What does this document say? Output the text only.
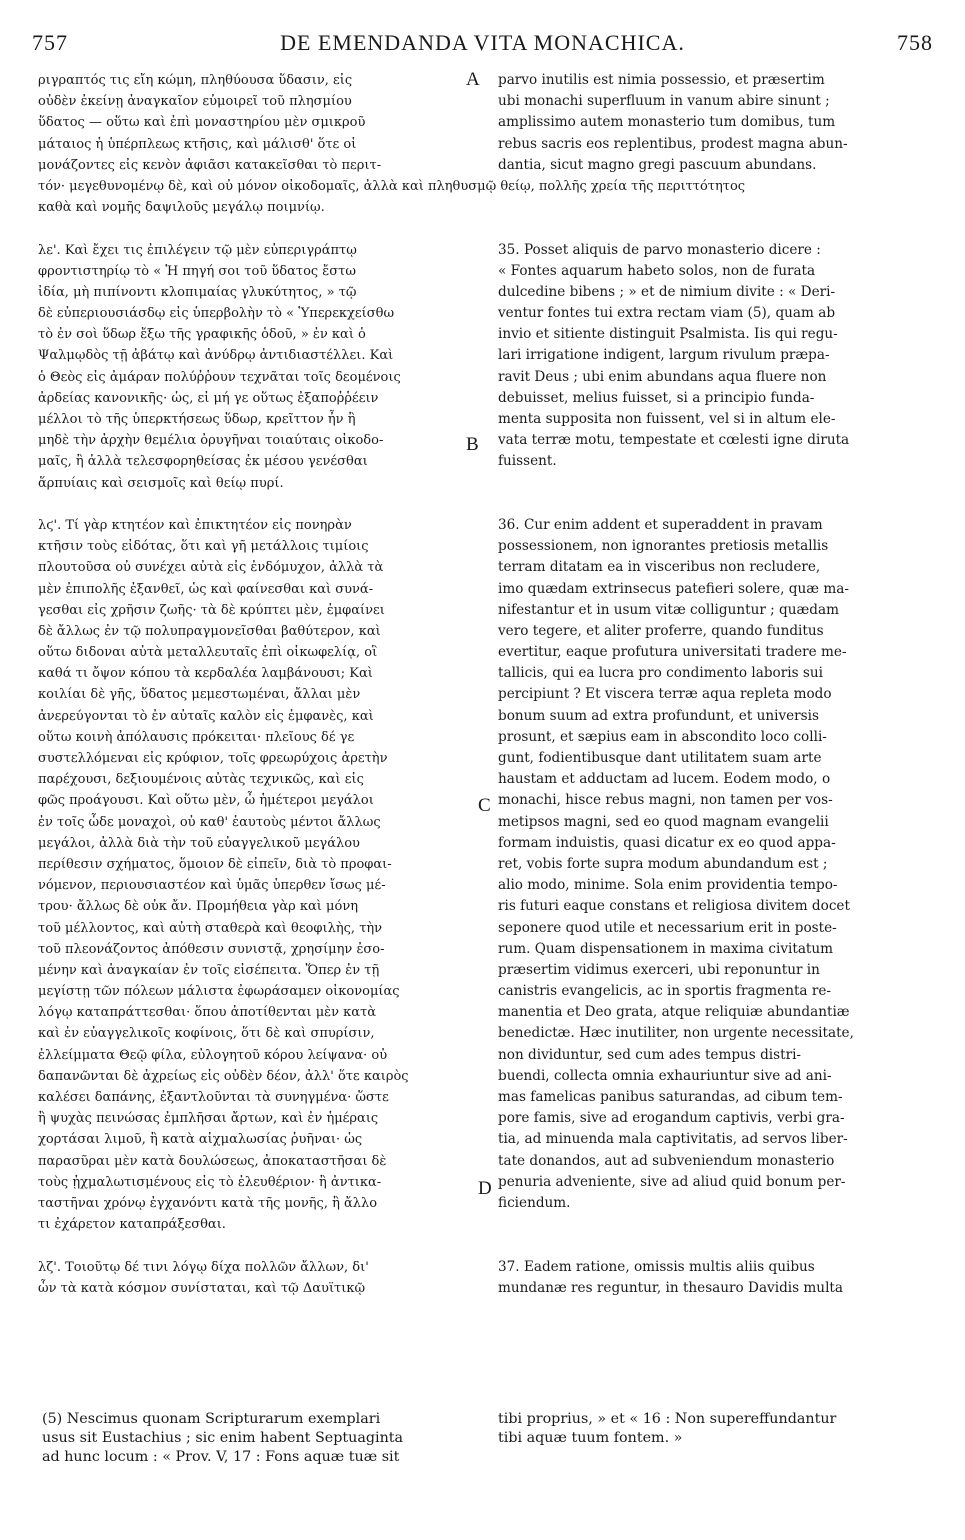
757	DE EMENDANDA VITA MONACHICA.	758
ριγραπτός τις εἴη κώμη, πληθύουσα ὕδασιν, εἰς
οὐδὲν ἐκείνῃ ἀναγκαῖον εὐμοιρεῖ τοῦ πλησμίου
ὕδατος — οὕτω καὶ ἐπὶ μοναστηρίου μὲν σμικροῦ
μάταιος ἡ ὑπέρπλεως κτῆσις, καὶ μάλισθ' ὅτε οἱ
μονάζοντες εἰς κενὸν ἀφιᾶσι κατακεῖσθαι τὸ περιτ-
τόν· μεγεθυνομένῳ δὲ, καὶ οὐ μόνον οἰκοδομαῖς, ἀλλὰ καὶ πληθυσμῷ θείῳ, πολλῆς χρεία τῆς περιττότητος
καθὰ καὶ νομῆς δαψιλοῦς μεγάλῳ ποιμνίῳ.
λε'. Καὶ ἔχει τις ἐπιλέγειν τῷ μὲν εὐπεριγράπτῳ
φροντιστηρίῳ τὸ « Ἡ πηγή σοι τοῦ ὕδατος ἔστω
ἰδία, μὴ πιπίνοντι κλοπιμαίας γλυκύτητος, » τῷ
δὲ εὐπεριουσιάσδῳ εἰς ὑπερβολὴν τὸ « Ὑπερεκχείσθω
τὸ ἐν σοὶ ὕδωρ ἔξω τῆς γραφικῆς ὁδοῦ, » ἐν καὶ ὁ
Ψαλμῳδὸς τῇ ἀβάτῳ καὶ ἀνύδρῳ ἀντιδιαστέλλει. Καὶ
ὁ Θεὸς εἰς ἀμάραν πολύῤῥουν τεχνᾶται τοῖς δεομένοις
ἀρδείας κανονικῆς· ὡς, εἰ μή γε οὕτως ἐξαποῤῥέειν
μέλλοι τὸ τῆς ὑπερκτήσεως ὕδωρ, κρεῖττον ἦν ἢ
μηδὲ τὴν ἀρχὴν θεμέλια ὀρυγῆναι τοιαύταις οἰκοδο-
μαῖς, ἢ ἀλλὰ τελεσφορηθείσας ἐκ μέσου γενέσθαι
ἅρπυίαις καὶ σεισμοῖς καὶ θείῳ πυρί.
λϛ'. Τί γὰρ κτητέον καὶ ἐπικτητέον εἰς πονηρὰν
κτῆσιν τοὺς εἰδότας, ὅτι καὶ γῆ μετάλλοις τιμίοις
πλουτοῦσα οὐ συνέχει αὐτὰ εἰς ἐνδόμυχον, ἀλλὰ τὰ
μὲν ἐπιπολῆς ἐξανθεῖ, ὡς καὶ φαίνεσθαι καὶ συνά-
γεσθαι εἰς χρῆσιν ζωῆς· τὰ δὲ κρύπτει μὲν, ἐμφαίνει
δὲ ἄλλως ἐν τῷ πολυπραγμονεῖσθαι βαθύτερον, καὶ
οὕτω διδοναι αὐτὰ μεταλλευταῖς ἐπὶ οἰκωφελίᾳ, οἳ
καθά τι ὄψον κόπου τὰ κερδαλέα λαμβάνουσι; Καὶ
κοιλίαι δὲ γῆς, ὕδατος μεμεστωμέναι, ἄλλαι μὲν
ἀνερεύγονται τὸ ἐν αὐταῖς καλὸν εἰς ἐμφανὲς, καὶ
οὕτω κοινὴ ἀπόλαυσις πρόκειται· πλεῖους δέ γε
συστελλόμεναι εἰς κρύφιον, τοῖς φρεωρύχοις ἀρετὴν
παρέχουσι, δεξιουμένοις αὐτὰς τεχνικῶς, καὶ εἰς
φῶς προάγουσι. Καὶ οὕτω μὲν, ὦ ἡμέτεροι μεγάλοι
ἐν τοῖς ὧδε μοναχοὶ, οὐ καθ' ἑαυτοὺς μέντοι ἄλλως
μεγάλοι, ἀλλὰ διὰ τὴν τοῦ εὐαγγελικοῦ μεγάλου
περίθεσιν σχήματος, ὅμοιον δὲ εἰπεῖν, διὰ τὸ προφαι-
νόμενον, περιουσιαστέον καὶ ὑμᾶς ὑπερθεν ἴσως μέ-
τρου· ἄλλως δὲ οὐκ ἄν. Προμήθεια γὰρ καὶ μόνη
τοῦ μέλλοντος, καὶ αὐτὴ σταθερὰ καὶ θεοφιλὴς, τὴν
τοῦ πλεονάζοντος ἀπόθεσιν συνιστᾷ, χρησίμην ἐσο-
μένην καὶ ἀναγκαίαν ἐν τοῖς εἰσέπειτα. Ὅπερ ἐν τῇ
μεγίστῃ τῶν πόλεων μάλιστα ἐφωράσαμεν οἰκονομίας
λόγῳ καταπράττεσθαι· ὅπου ἀποτίθενται μὲν κατὰ
καὶ ἐν εὐαγγελικοῖς κοφίνοις, ὅτι δὲ καὶ σπυρίσιν,
ἐλλείμματα Θεῷ φίλα, εὐλογητοῦ κόρου λείψανα· οὐ
δαπανῶνται δὲ ἀχρείως εἰς οὐδὲν δέον, ἀλλ' ὅτε καιρὸς
καλέσει δαπάνης, ἐξαντλοῦνται τὰ συνηγμένα· ὥστε
ἢ ψυχὰς πεινώσας ἐμπλῆσαι ἄρτων, καὶ ἐν ἡμέραις
χορτάσαι λιμοῦ, ἢ κατὰ αἰχμαλωσίας ῥυῆναι· ὡς
παρασῦραι μὲν κατὰ δουλώσεως, ἀποκαταστῆσαι δὲ
τοὺς ᾐχμαλωτισμένους εἰς τὸ ἐλευθέριον· ἢ ἀντικα-
ταστῆναι χρόνῳ ἐγχανόντι κατὰ τῆς μονῆς, ἢ ἄλλο
τι ἐχάρετον καταπράξεσθαι.
λζ'. Τοιοῦτῳ δέ τινι λόγῳ δίχα πολλῶν ἄλλων, δι'
ὧν τὰ κατὰ κόσμον συνίσταται, καὶ τῷ Δαυϊτικῷ
parvo inutilis est nimia possessio, et præsertim
ubi monachi superfluum in vanum abire sinunt ;
amplissimo autem monasterio tum domibus, tum
rebus sacris eos replentibus, prodest magna abun-
dantia, sicut magno gregi pascuum abundans.
35. Posset aliquis de parvo monasterio dicere :
« Fontes aquarum habeto solos, non de furata
dulcedine bibens ; » et de nimium divite : « Deri-
ventur fontes tui extra rectam viam (5), quam ab
invio et sitiente distinguit Psalmista. Iis qui regu-
lari irrigatione indigent, largum rivulum præpa-
ravit Deus ; ubi enim abundans aqua fluere non
debuisset, melius fuisset, si a principio funda-
menta supposita non fuissent, vel si in altum ele-
vata terræ motu, tempestate et cœlesti igne diruta
fuissent.
36. Cur enim addent et superaddent in pravam
possessionem, non ignorantes pretiosis metallis
terram ditatam ea in visceribus non recludere,
imo quædam extrinsecus patefieri solere, quæ ma-
nifestantur et in usum vitæ colliguntur ; quædam
vero tegere, et aliter proferre, quando funditus
evertitur, eaque profutura universitati tradere me-
tallicis, qui ea lucra pro condimento laboris sui
percipiunt ? Et viscera terræ aqua repleta modo
bonum suum ad extra profundunt, et universis
prosunt, et sæpius eam in abscondito loco colli-
gunt, fodientibusque dant utilitatem suam arte
haustam et adductam ad lucem. Eodem modo, o
monachi, hisce rebus magni, non tamen per vos-
metipsos magni, sed eo quod magnam evangelii
formam induistis, quasi dicatur ex eo quod appa-
ret, vobis forte supra modum abundandum est ;
alio modo, minime. Sola enim providentia tempo-
ris futuri eaque constans et religiosa divitem docet
seponere quod utile et necessarium erit in poste-
rum. Quam dispensationem in maxima civitatum
præsertim vidimus exerceri, ubi reponuntur in
canistris evangelicis, ac in sportis fragmenta re-
manentia et Deo grata, atque reliquiæ abundantiæ
benedictæ. Hæc inutiliter, non urgente necessitate,
non dividuntur, sed cum ades tempus distri-
buendi, collecta omnia exhauriuntur sive ad ani-
mas famelicas panibus saturandas, ad cibum tem-
pore famis, sive ad erogandum captivis, verbi gra-
tia, ad minuenda mala captivitatis, ad servos liber-
tate donandos, aut ad subveniendum monasterio
penuria adveniente, sive ad aliud quid bonum per-
ficiendum.
37. Eadem ratione, omissis multis aliis quibus
mundanæ res reguntur, in thesauro Davidis multa
A
B
C
D
(5) Nescimus quonam Scripturarum exemplari
usus sit Eustachius ; sic enim habent Septuaginta
ad hunc locum : « Prov. V, 17 : Fons aquæ tuæ sit
tibi proprius, » et « 16 : Non supereffundantur
tibi aquæ tuum fontem. »
